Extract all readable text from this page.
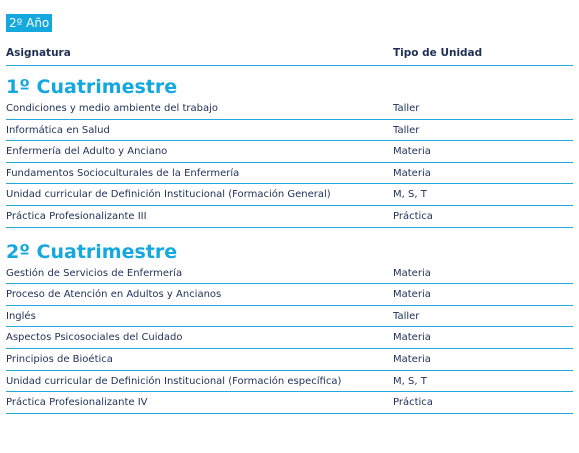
2º Año
Asignatura	Tipo de Unidad
1º Cuatrimestre
Condiciones y medio ambiente del trabajo	Taller
Informática en Salud	Taller
Enfermería del Adulto y Anciano	Materia
Fundamentos Socioculturales de la Enfermería	Materia
Unidad curricular de Definición Institucional (Formación General)	M, S, T
Práctica Profesionalizante III	Práctica
2º Cuatrimestre
Gestión de Servicios de Enfermería	Materia
Proceso de Atención en Adultos y Ancianos	Materia
Inglés	Taller
Aspectos Psicosociales del Cuidado	Materia
Principios de Bioética	Materia
Unidad curricular de Definición Institucional (Formación específica)	M, S, T
Práctica Profesionalizante IV	Práctica
